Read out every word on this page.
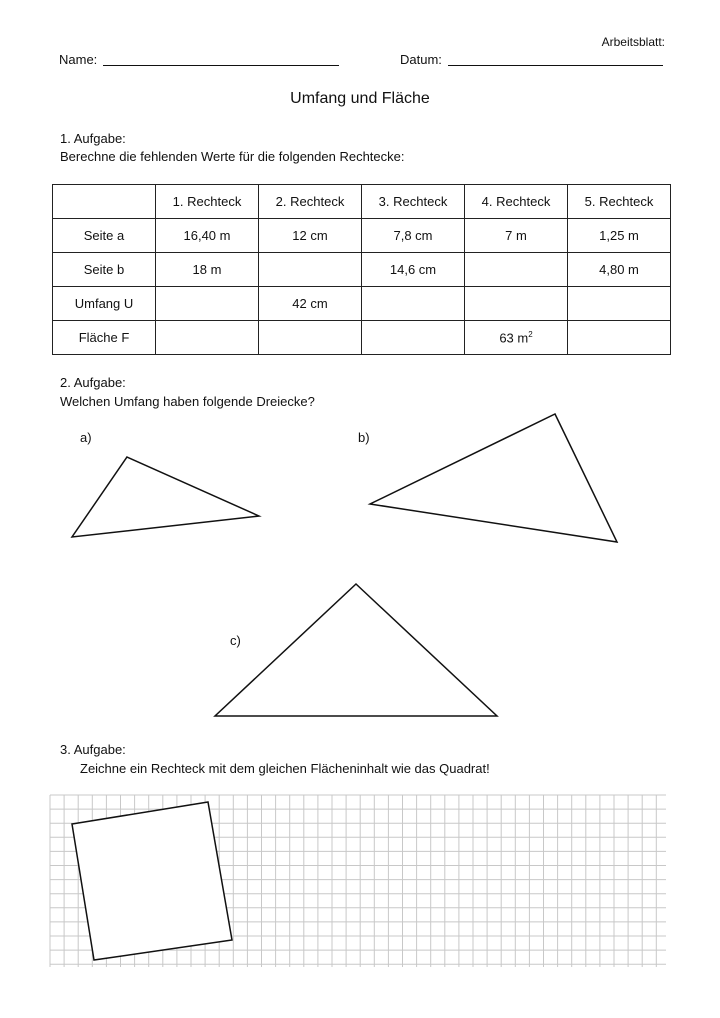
Arbeitsblatt:
Name:	Datum:
Umfang und Fläche
1. Aufgabe:
Berechne die fehlenden Werte für die folgenden Rechtecke:
	1. Rechteck	2. Rechteck	3. Rechteck	4. Rechteck	5. Rechteck
Seite a	16,40 m	12 cm	7,8 cm	7 m	1,25 m
Seite b	18 m		14,6 cm		4,80 m
Umfang U		42 cm			
Fläche F				63 $m^2$	
2. Aufgabe:
Welchen Umfang haben folgende Dreiecke?
a)	b)
c)
3. Aufgabe:
Zeichne ein Rechteck mit dem gleichen Flächeninhalt wie das Quadrat!
